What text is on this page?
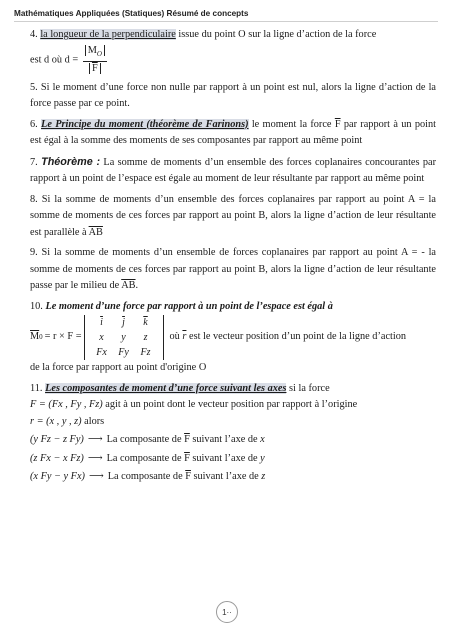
Mathématiques Appliquées (Statiques) Résumé de concepts

4. la longueur de la perpendiculaire issue du point O sur la ligne d’action de la force
est d où $d = \frac{M_O}{F}$

5. Si le moment d’une force non nulle par rapport à un point est nul, alors la ligne d’action de la force passe par ce point.

6. Le Principe du moment (théorème de Farinons) le moment la force $\overline{F}$ par rapport à un point est égal à la somme des moments de ses composantes par rapport au même point

7. Théorème : La somme de moments d’un ensemble des forces coplanaires concourantes par rapport à un point de l’espace est égale au moment de leur résultante par rapport au même point

8. Si la somme de moments d’un ensemble des forces coplanaires par rapport au point A = la somme de moments de ces forces par rapport au point B, alors la ligne d’action de leur résultante est parallèle à $\overline{AB}$

9. Si la somme de moments d’un ensemble de forces coplanaires par rapport au point A = - la somme de moments de ces forces par rapport au point B, alors la ligne d’action de leur résultante passe par le milieu de $\overline{AB}$.

10. Le moment d’une force par rapport à un point de l’espace est égal à
$\overline{M}$ 0 = r × F =
$\overline{i}$	$\overline{j}$	$\overline{k}$
x	y	z
Fx	Fy	Fz
où $\overline{r}$ est le vecteur position d’un point de la ligne d’action
de la force par rapport au point d'origine O
11. Les composantes de moment d’une force suivant les axes si la force
F = (Fx , Fy , Fz) agit à un point dont le vecteur position par rapport à l’origine
r = (x , y , z) alors
(y Fz − z Fy) ⟶ La composante de $\overline{F}$ suivant l’axe de x
(z Fx − x Fz) ⟶ La composante de $\overline{F}$ suivant l’axe de y
(x Fy − y Fx) ⟶ La composante de $\overline{F}$ suivant l’axe de z
1··
